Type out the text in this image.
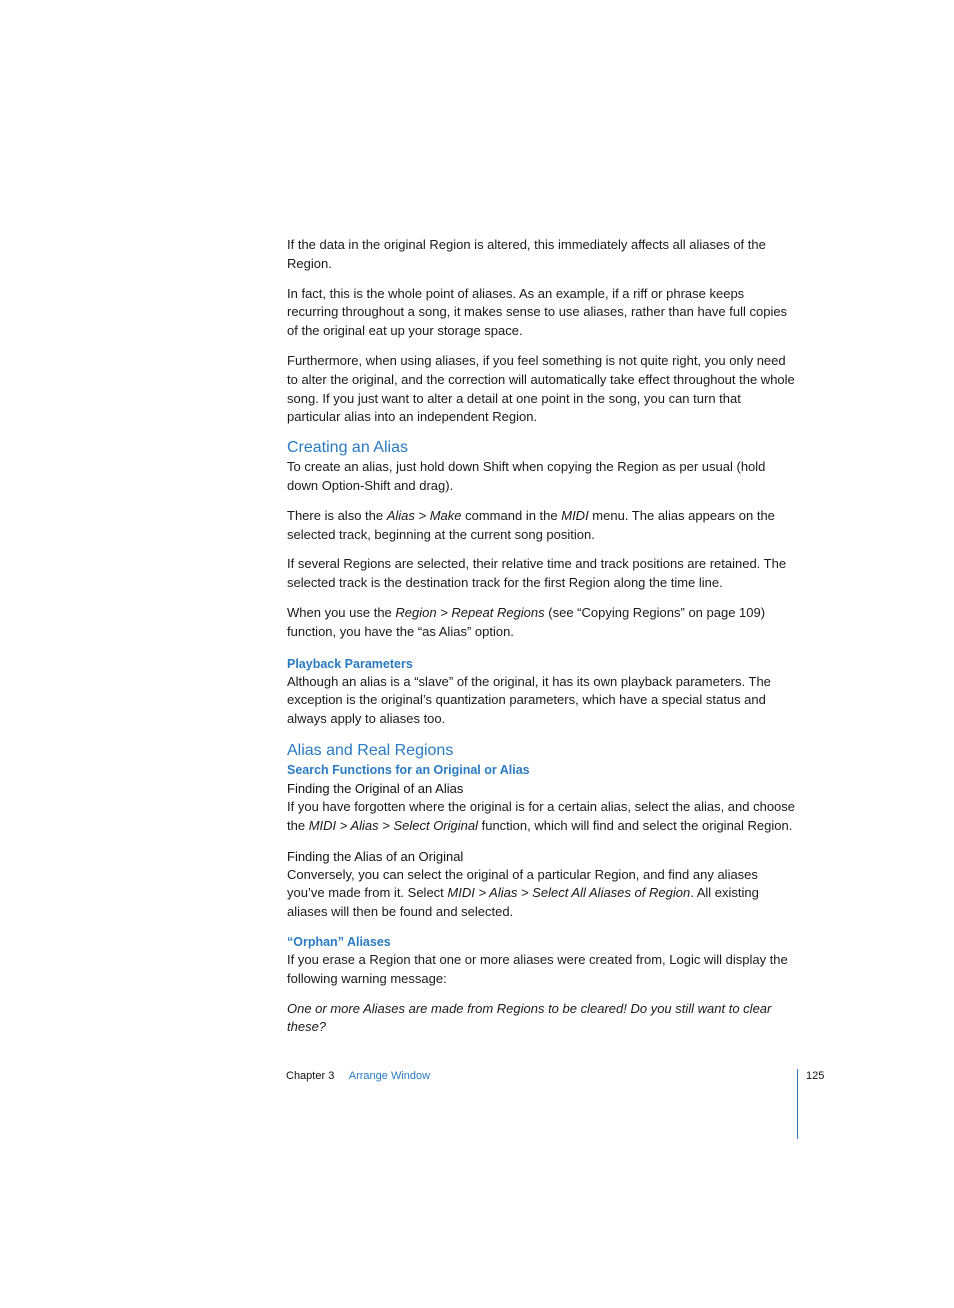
If the data in the original Region is altered, this immediately affects all aliases of the Region.

In fact, this is the whole point of aliases. As an example, if a riff or phrase keeps recurring throughout a song, it makes sense to use aliases, rather than have full copies of the original eat up your storage space.

Furthermore, when using aliases, if you feel something is not quite right, you only need to alter the original, and the correction will automatically take effect throughout the whole song. If you just want to alter a detail at one point in the song, you can turn that particular alias into an independent Region.

Creating an Alias

To create an alias, just hold down Shift when copying the Region as per usual (hold down Option-Shift and drag).

There is also the Alias > Make command in the MIDI menu. The alias appears on the selected track, beginning at the current song position.

If several Regions are selected, their relative time and track positions are retained. The selected track is the destination track for the first Region along the time line.

When you use the Region > Repeat Regions (see “Copying Regions” on page 109) function, you have the “as Alias” option.

Playback Parameters

Although an alias is a “slave” of the original, it has its own playback parameters. The exception is the original’s quantization parameters, which have a special status and always apply to aliases too.

Alias and Real Regions
Search Functions for an Original or Alias
Finding the Original of an Alias

If you have forgotten where the original is for a certain alias, select the alias, and choose the MIDI > Alias > Select Original function, which will find and select the original Region.

Finding the Alias of an Original

Conversely, you can select the original of a particular Region, and find any aliases you’ve made from it. Select MIDI > Alias > Select All Aliases of Region. All existing aliases will then be found and selected.

“Orphan” Aliases

If you erase a Region that one or more aliases were created from, Logic will display the following warning message:

One or more Aliases are made from Regions to be cleared! Do you still want to clear these?

Chapter 3 Arrange Window	125
